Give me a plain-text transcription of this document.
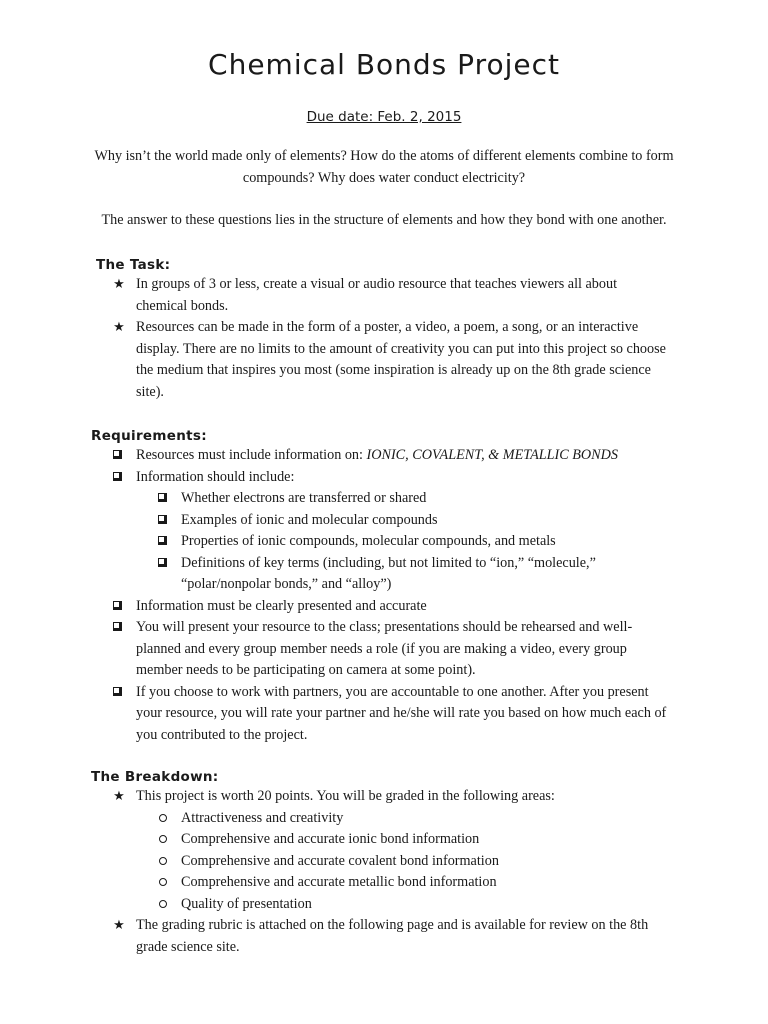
Chemical Bonds Project
Due date: Feb. 2, 2015
Why isn’t the world made only of elements? How do the atoms of different elements combine to form compounds? Why does water conduct electricity?
The answer to these questions lies in the structure of elements and how they bond with one another.
The Task:
★ In groups of 3 or less, create a visual or audio resource that teaches viewers all about chemical bonds.
★ Resources can be made in the form of a poster, a video, a poem, a song, or an interactive display. There are no limits to the amount of creativity you can put into this project so choose the medium that inspires you most (some inspiration is already up on the 8th grade science site).
Requirements:
Resources must include information on: IONIC, COVALENT, & METALLIC BONDS
Information should include:
Whether electrons are transferred or shared
Examples of ionic and molecular compounds
Properties of ionic compounds, molecular compounds, and metals
Definitions of key terms (including, but not limited to “ion,” “molecule,” “polar/nonpolar bonds,” and “alloy”)
Information must be clearly presented and accurate
You will present your resource to the class; presentations should be rehearsed and well-planned and every group member needs a role (if you are making a video, every group member needs to be participating on camera at some point).
If you choose to work with partners, you are accountable to one another. After you present your resource, you will rate your partner and he/she will rate you based on how much each of you contributed to the project.
The Breakdown:
★ This project is worth 20 points. You will be graded in the following areas:
Attractiveness and creativity
Comprehensive and accurate ionic bond information
Comprehensive and accurate covalent bond information
Comprehensive and accurate metallic bond information
Quality of presentation
★ The grading rubric is attached on the following page and is available for review on the 8th grade science site.
